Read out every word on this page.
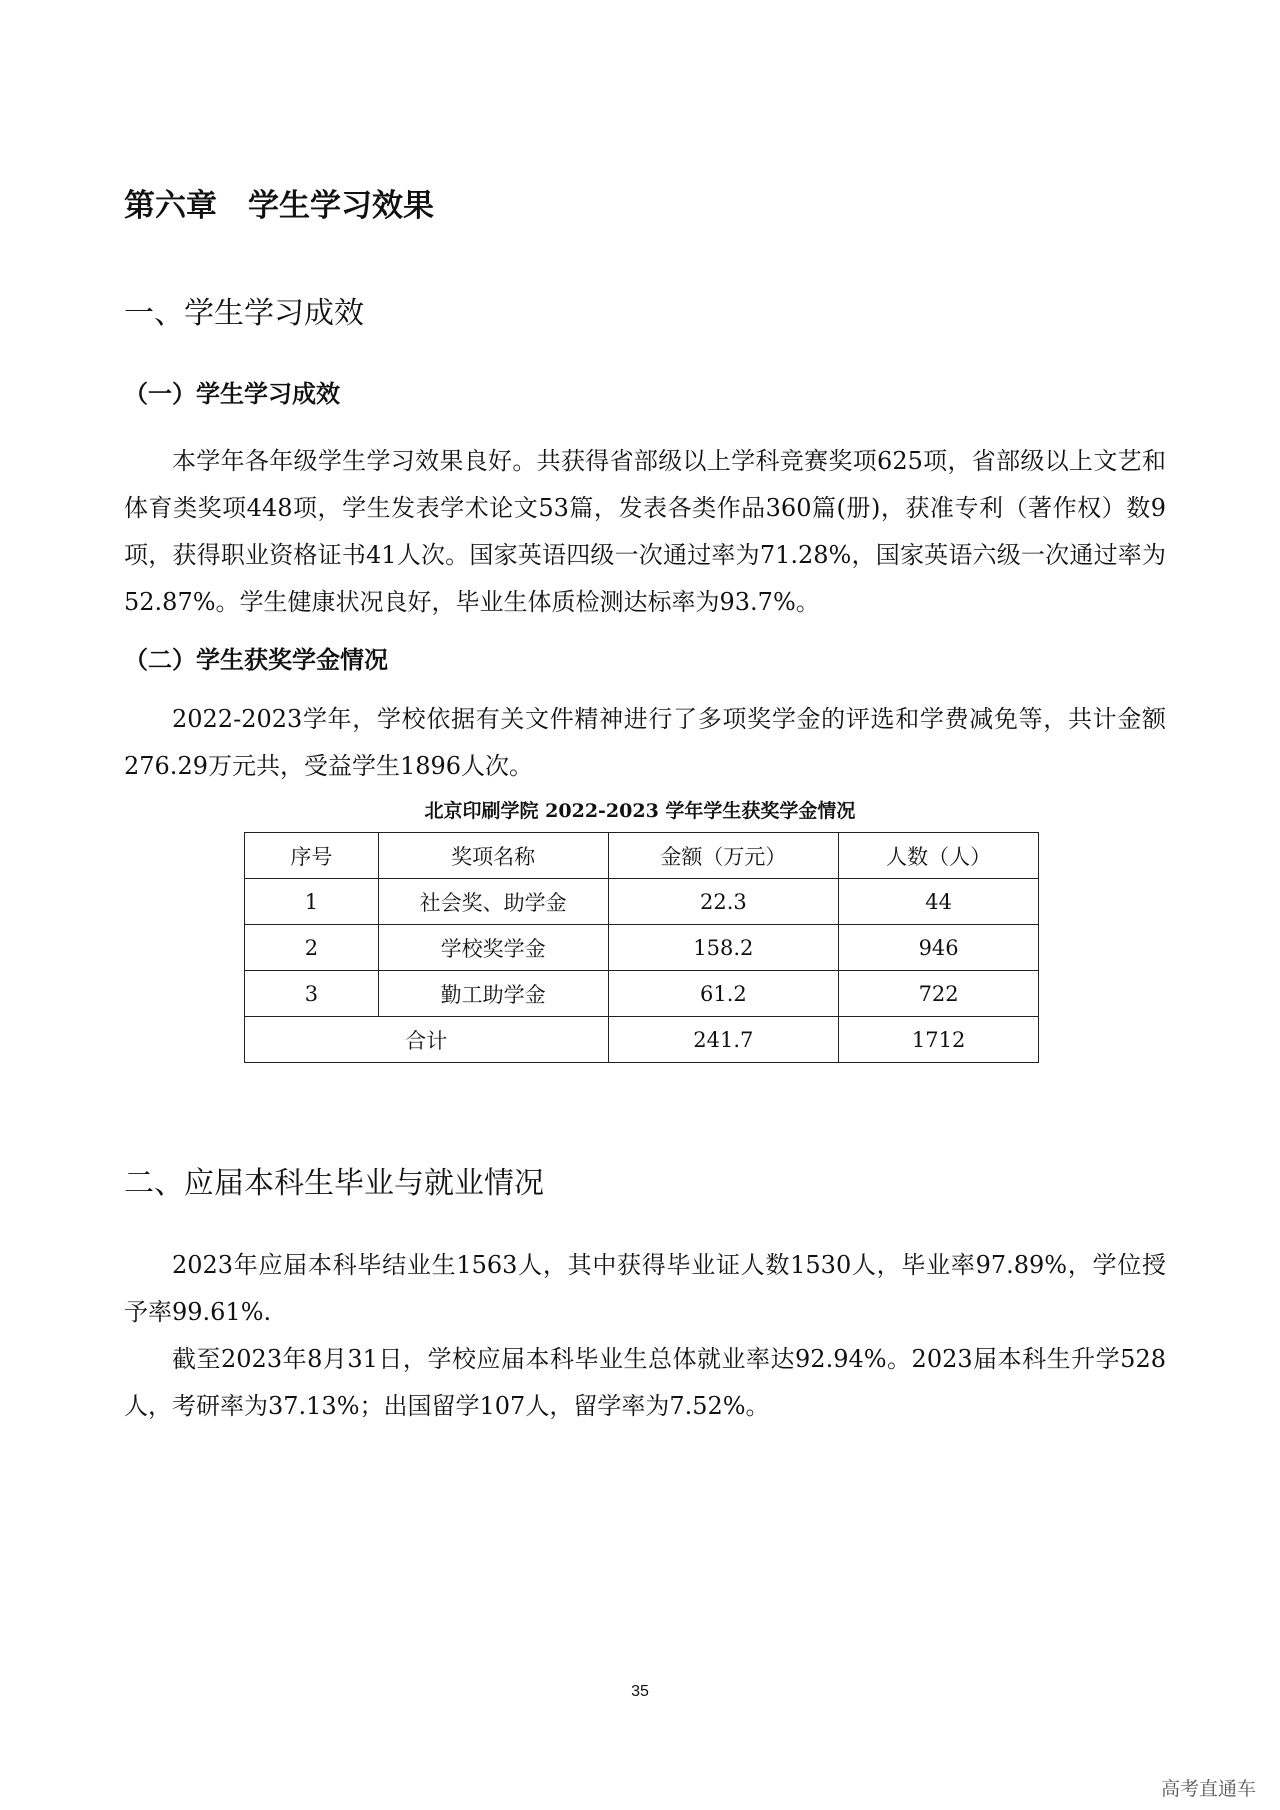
第六章　学生学习效果
一、学生学习成效
（一）学生学习成效

本学年各年级学生学习效果良好。共获得省部级以上学科竞赛奖项625项，省部级以上文艺和体育类奖项448项，学生发表学术论文53篇，发表各类作品360篇(册)，获准专利（著作权）数9项，获得职业资格证书41人次。国家英语四级一次通过率为71.28%，国家英语六级一次通过率为52.87%。学生健康状况良好，毕业生体质检测达标率为93.7%。

（二）学生获奖学金情况

2022-2023学年，学校依据有关文件精神进行了多项奖学金的评选和学费减免等，共计金额276.29万元共，受益学生1896人次。

北京印刷学院 2022-2023 学年学生获奖学金情况

序号	奖项名称	金额（万元）	人数（人）
1	社会奖、助学金	22.3	44
2	学校奖学金	158.2	946
3	勤工助学金	61.2	722
合计		241.7	1712
二、应届本科生毕业与就业情况

2023年应届本科毕结业生1563人，其中获得毕业证人数1530人，毕业率97.89%，学位授予率99.61%.

截至2023年8月31日，学校应届本科毕业生总体就业率达92.94%。2023届本科生升学528人，考研率为37.13%；出国留学107人，留学率为7.52%。

35
高考直通车
